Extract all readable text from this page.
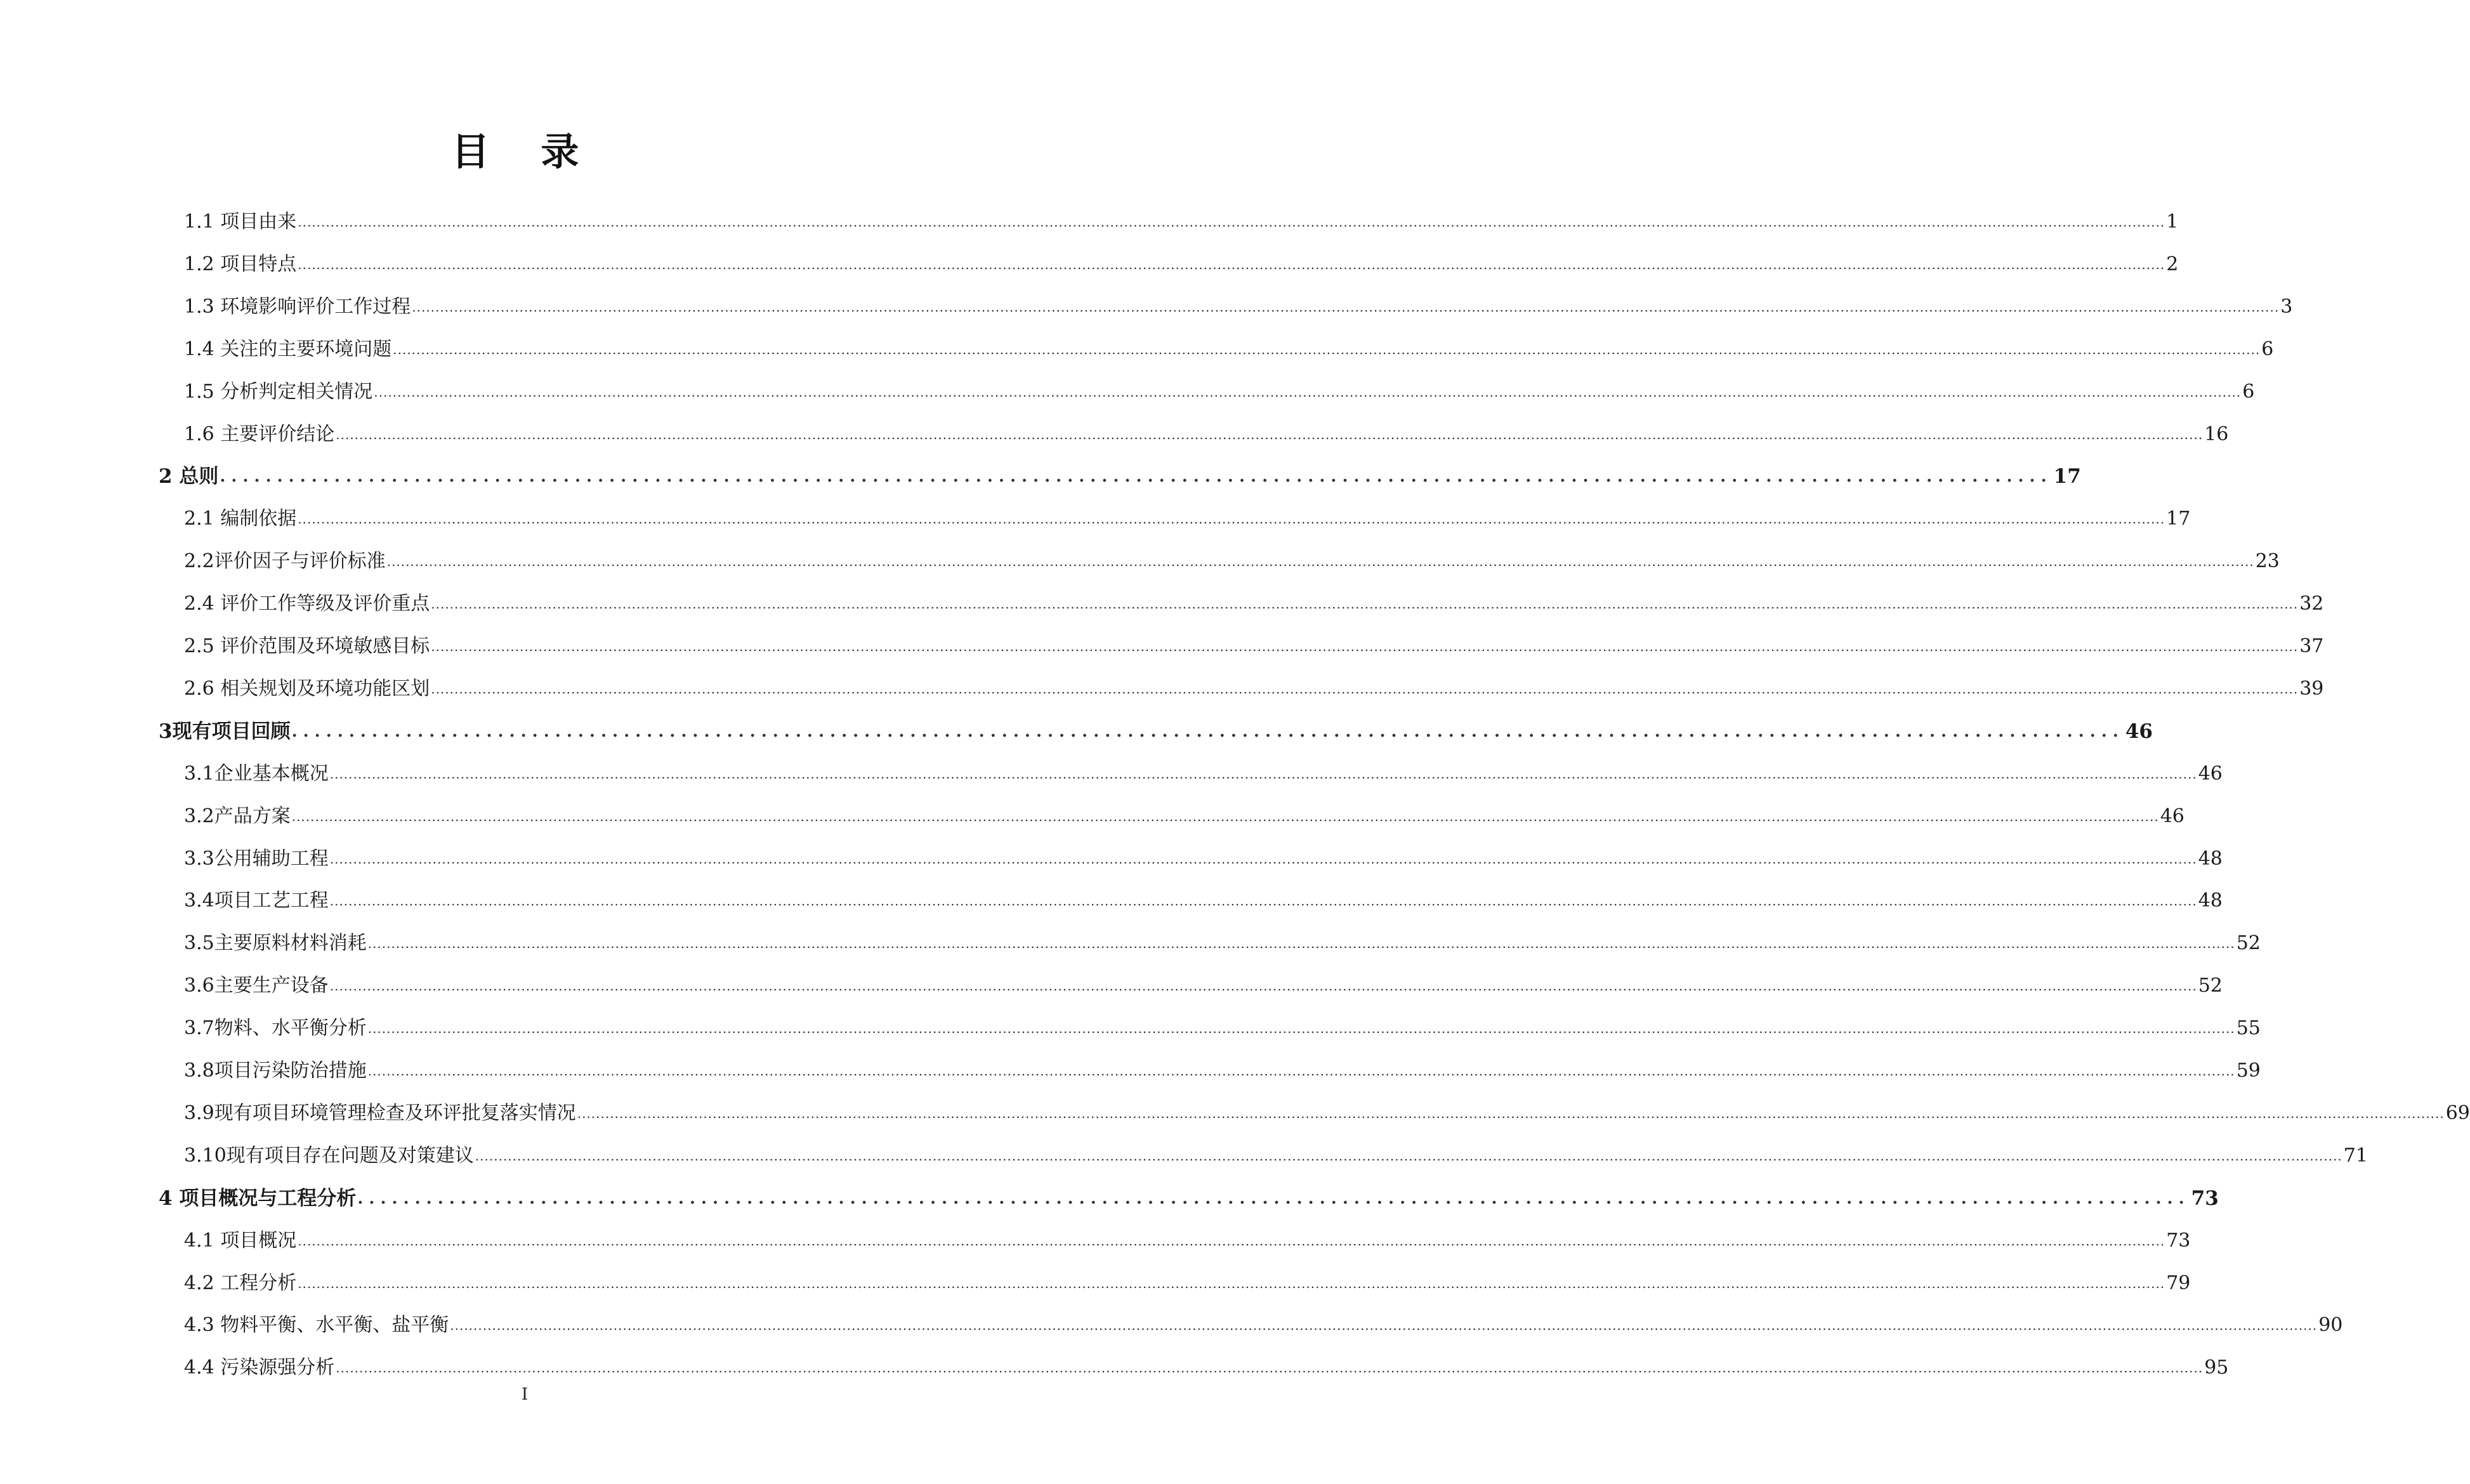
目 录
1.1 项目由来 ................................................................................................................................................................................................................................................................................................................................................................................................................ 1
1.2 项目特点 ................................................................................................................................................................................................................................................................................................................................................................................................................ 2
1.3 环境影响评价工作过程 ................................................................................................................................................................................................................................................................................................................................................................................................................ 3
1.4 关注的主要环境问题 ................................................................................................................................................................................................................................................................................................................................................................................................................ 6
1.5 分析判定相关情况 ................................................................................................................................................................................................................................................................................................................................................................................................................ 6
1.6 主要评价结论 ................................................................................................................................................................................................................................................................................................................................................................................................................ 16
2 总则 ................................................................................................................................................................ 17
2.1 编制依据 ................................................................................................................................................................................................................................................................................................................................................................................................................ 17
2.2评价因子与评价标准 ................................................................................................................................................................................................................................................................................................................................................................................................................ 23
2.4 评价工作等级及评价重点 ................................................................................................................................................................................................................................................................................................................................................................................................................ 32
2.5 评价范围及环境敏感目标 ................................................................................................................................................................................................................................................................................................................................................................................................................ 37
2.6 相关规划及环境功能区划 ................................................................................................................................................................................................................................................................................................................................................................................................................ 39
3现有项目回顾 ................................................................................................................................................................ 46
3.1企业基本概况 ................................................................................................................................................................................................................................................................................................................................................................................................................ 46
3.2产品方案 ................................................................................................................................................................................................................................................................................................................................................................................................................ 46
3.3公用辅助工程 ................................................................................................................................................................................................................................................................................................................................................................................................................ 48
3.4项目工艺工程 ................................................................................................................................................................................................................................................................................................................................................................................................................ 48
3.5主要原料材料消耗 ................................................................................................................................................................................................................................................................................................................................................................................................................ 52
3.6主要生产设备 ................................................................................................................................................................................................................................................................................................................................................................................................................ 52
3.7物料、水平衡分析 ................................................................................................................................................................................................................................................................................................................................................................................................................ 55
3.8项目污染防治措施 ................................................................................................................................................................................................................................................................................................................................................................................................................ 59
3.9现有项目环境管理检查及环评批复落实情况 ................................................................................................................................................................................................................................................................................................................................................................................................................ 69
3.10现有项目存在问题及对策建议 ................................................................................................................................................................................................................................................................................................................................................................................................................ 71
4 项目概况与工程分析 ................................................................................................................................................................ 73
4.1 项目概况 ................................................................................................................................................................................................................................................................................................................................................................................................................ 73
4.2 工程分析 ................................................................................................................................................................................................................................................................................................................................................................................................................ 79
4.3 物料平衡、水平衡、盐平衡 ................................................................................................................................................................................................................................................................................................................................................................................................................ 90
4.4 污染源强分析 ................................................................................................................................................................................................................................................................................................................................................................................................................ 95
I
